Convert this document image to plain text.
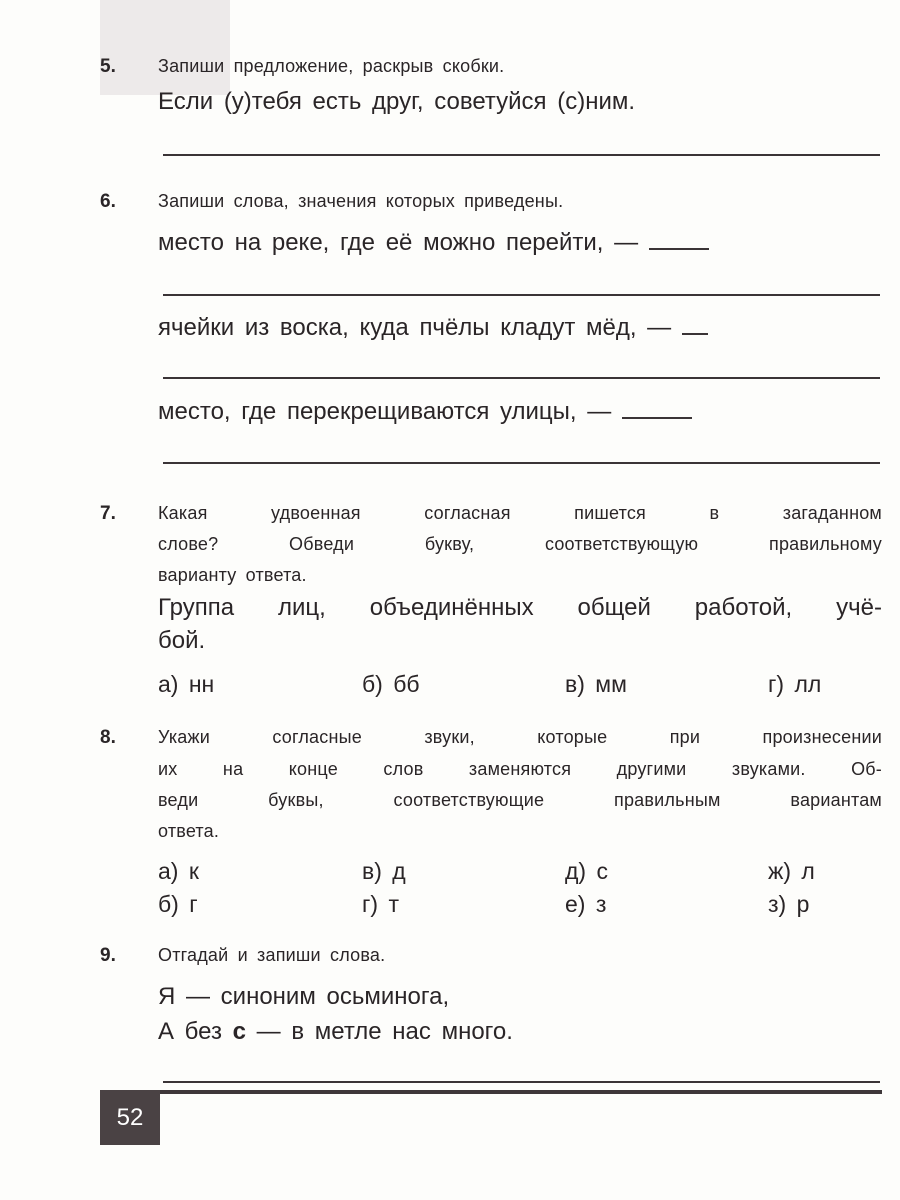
5. Запиши предложение, раскрыв скобки.
Если (у)тебя есть друг, советуйся (с)ним.
6. Запиши слова, значения которых приведены.
место на реке, где её можно перейти, —
ячейки из воска, куда пчёлы кладут мёд, —
место, где перекрещиваются улицы, —
7. Какая удвоенная согласная пишется в загаданном
слове? Обведи букву, соответствующую правильному
варианту ответа.
Группа лиц, объединённых общей работой, учё-
бой.
а) нн	б) бб	в) мм	г) лл
8. Укажи согласные звуки, которые при произнесении
их на конце слов заменяются другими звуками. Об-
веди буквы, соответствующие правильным вариантам
ответа.
а) к	в) д	д) с	ж) л
б) г	г) т	е) з	з) р
9. Отгадай и запиши слова.
Я — синоним осьминога,
А без с — в метле нас много.
52
